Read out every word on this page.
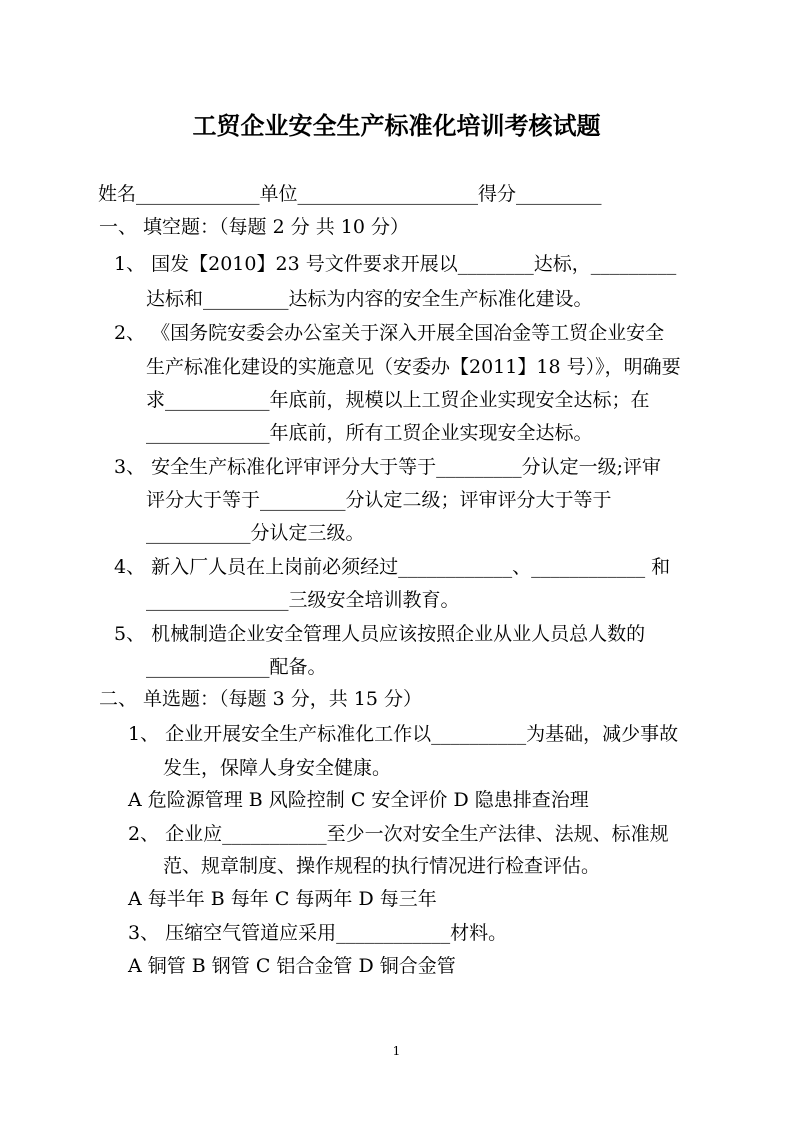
工贸企业安全生产标准化培训考核试题
姓名_____________单位___________________得分_________
一、 填空题：（每题 2 分 共 10 分）
1、 国发【2010】23 号文件要求开展以________达标，_________
达标和_________达标为内容的安全生产标准化建设。
2、 《国务院安委会办公室关于深入开展全国冶金等工贸企业安全
生产标准化建设的实施意见（安委办【2011】18 号）》，明确要
求___________年底前，规模以上工贸企业实现安全达标；在
_____________年底前，所有工贸企业实现安全达标。
3、 安全生产标准化评审评分大于等于_________分认定一级;评审
评分大于等于_________分认定二级；评审评分大于等于
___________分认定三级。
4、 新入厂人员在上岗前必须经过____________、____________ 和
_______________三级安全培训教育。
5、 机械制造企业安全管理人员应该按照企业从业人员总人数的
_____________配备。
二、 单选题：（每题 3 分，共 15 分）
1、 企业开展安全生产标准化工作以__________为基础，减少事故
发生，保障人身安全健康。
A 危险源管理 B 风险控制 C 安全评价 D 隐患排查治理
2、 企业应___________至少一次对安全生产法律、法规、标准规
范、规章制度、操作规程的执行情况进行检查评估。
A 每半年 B 每年 C 每两年 D 每三年
3、 压缩空气管道应采用____________材料。
A 铜管 B 钢管 C 铝合金管 D 铜合金管
1
